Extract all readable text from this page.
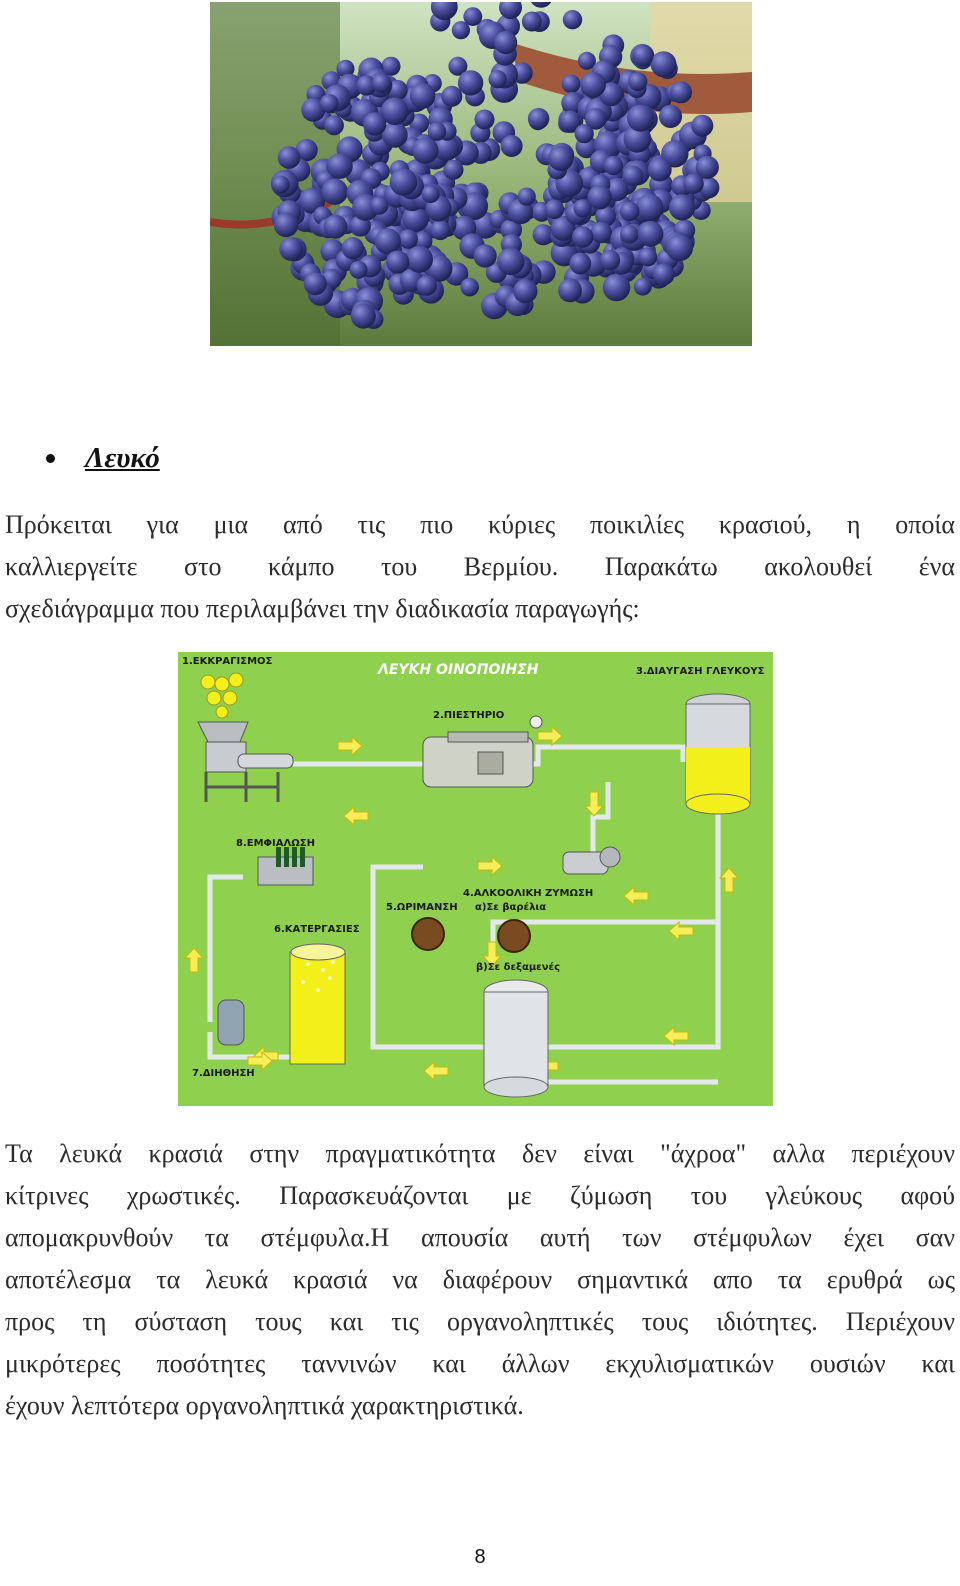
Λευκό
Πρόκειται για μια από τις πιο κύριες ποικιλίες κρασιού, η οποία
καλλιεργείτε στο κάμπο του Βερμίου. Παρακάτω ακολουθεί ένα
σχεδιάγραμμα που περιλαμβάνει την διαδικασία παραγωγής:
ΛΕΥΚΗ ΟΙΝΟΠΟΙΗΣΗ
1.ΕΚΚΡΑΓΙΣΜΟΣ
2.ΠΙΕΣΤΗΡΙΟ
3.ΔΙΑΥΓΑΣΗ ΓΛΕΥΚΟΥΣ
4.ΑΛΚΟΟΛΙΚΗ ΖΥΜΩΣΗ
α)Σε βαρέλια
β)Σε δεξαμενές
5.ΩΡΙΜΑΝΣΗ
6.ΚΑΤΕΡΓΑΣΙΕΣ
7.ΔΙΗΘΗΣΗ
8.ΕΜΦΙΑΛΩΣΗ
Τα λευκά κρασιά στην πραγματικότητα δεν είναι "άχροα" αλλα περιέχουν
κίτρινες χρωστικές. Παρασκευάζονται με ζύμωση του γλεύκους αφού
απομακρυνθούν τα στέμφυλα.Η απουσία αυτή των στέμφυλων έχει σαν
αποτέλεσμα τα λευκά κρασιά να διαφέρουν σημαντικά απο τα ερυθρά ως
προς τη σύσταση τους και τις οργανοληπτικές τους ιδιότητες. Περιέχουν
μικρότερες ποσότητες ταννινών και άλλων εκχυλισματικών ουσιών και
έχουν λεπτότερα οργανοληπτικά χαρακτηριστικά.
8
